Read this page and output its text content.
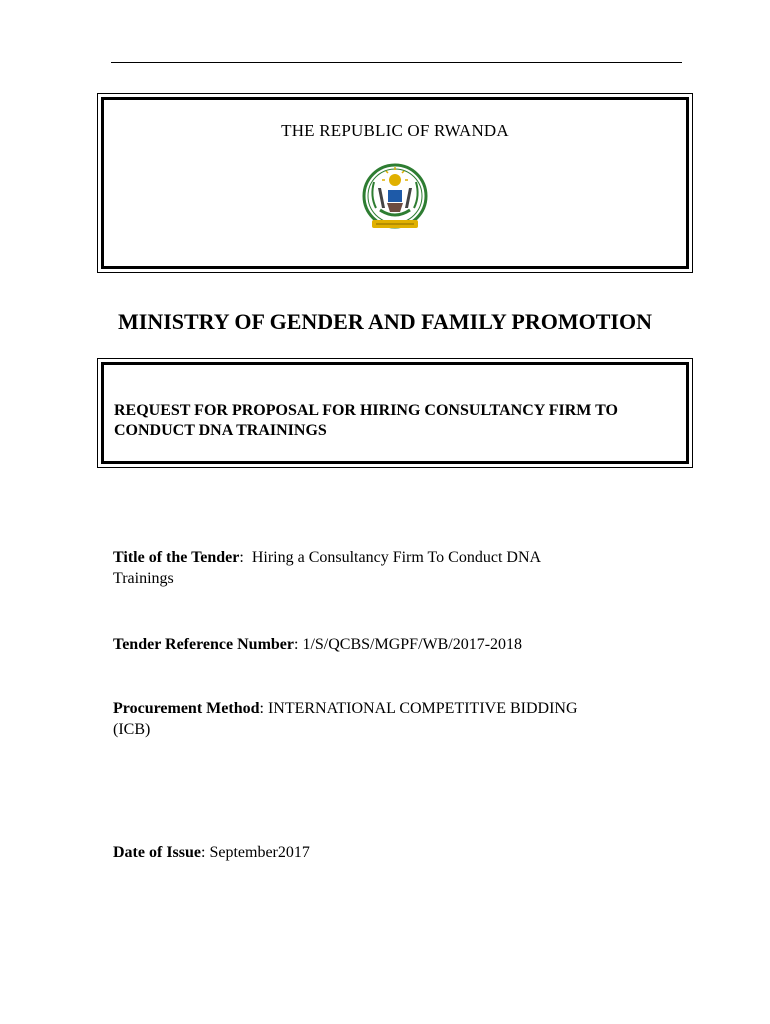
THE REPUBLIC OF RWANDA
MINISTRY OF GENDER AND FAMILY PROMOTION
REQUEST FOR PROPOSAL FOR HIRING CONSULTANCY FIRM TO
CONDUCT DNA TRAININGS
Title of the Tender: Hiring a Consultancy Firm To Conduct DNA
Trainings
Tender Reference Number: 1/S/QCBS/MGPF/WB/2017-2018
Procurement Method: INTERNATIONAL COMPETITIVE BIDDING
(ICB)
Date of Issue: September2017
